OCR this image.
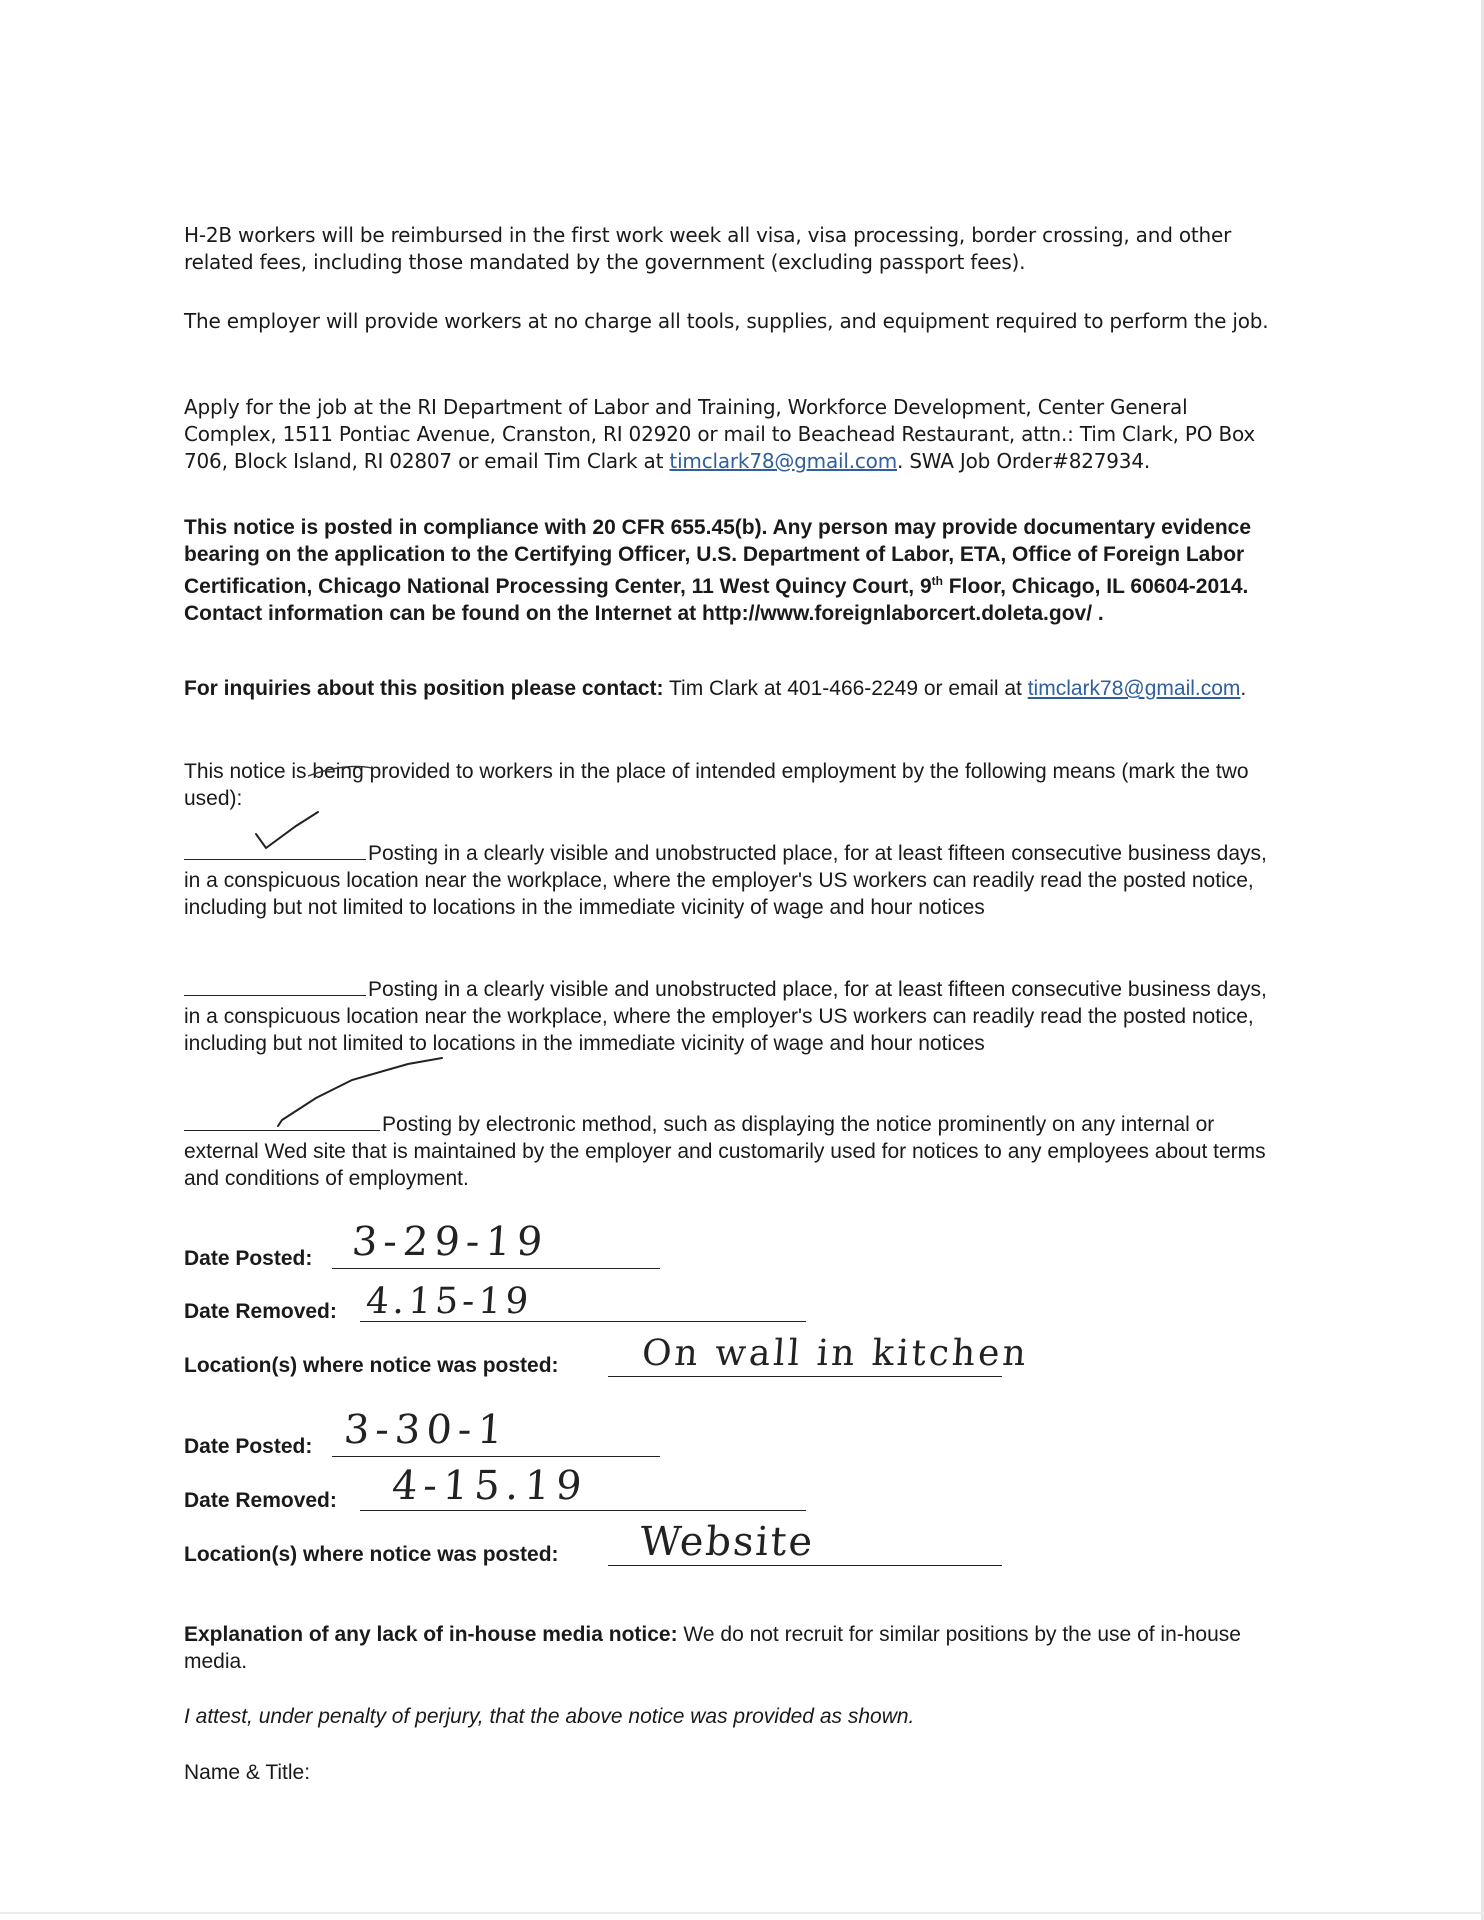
H-2B workers will be reimbursed in the first work week all visa, visa processing, border crossing, and other related fees, including those mandated by the government (excluding passport fees).

The employer will provide workers at no charge all tools, supplies, and equipment required to perform the job.

Apply for the job at the RI Department of Labor and Training, Workforce Development, Center General Complex, 1511 Pontiac Avenue, Cranston, RI 02920 or mail to Beachead Restaurant, attn.: Tim Clark, PO Box 706, Block Island, RI 02807 or email Tim Clark at timclark78@gmail.com. SWA Job Order#827934.

This notice is posted in compliance with 20 CFR 655.45(b). Any person may provide documentary evidence bearing on the application to the Certifying Officer, U.S. Department of Labor, ETA, Office of Foreign Labor Certification, Chicago National Processing Center, 11 West Quincy Court, 9th Floor, Chicago, IL 60604-2014. Contact information can be found on the Internet at http://www.foreignlaborcert.doleta.gov/ .

For inquiries about this position please contact: Tim Clark at 401-466-2249 or email at timclark78@gmail.com.

This notice is being provided to workers in the place of intended employment by the following means (mark the two used):

Posting in a clearly visible and unobstructed place, for at least fifteen consecutive business days, in a conspicuous location near the workplace, where the employer's US workers can readily read the posted notice, including but not limited to locations in the immediate vicinity of wage and hour notices

Posting in a clearly visible and unobstructed place, for at least fifteen consecutive business days, in a conspicuous location near the workplace, where the employer's US workers can readily read the posted notice, including but not limited to locations in the immediate vicinity of wage and hour notices

Posting by electronic method, such as displaying the notice prominently on any internal or external Wed site that is maintained by the employer and customarily used for notices to any employees about terms and conditions of employment.

Date Posted: 3-29-19
Date Removed: 4.15-19
Location(s) where notice was posted: On wall in kitchen
Date Posted: 3-30-1
Date Removed: 4-15.19
Location(s) where notice was posted: Website

Explanation of any lack of in-house media notice: We do not recruit for similar positions by the use of in-house media.

I attest, under penalty of perjury, that the above notice was provided as shown.

Name & Title:
